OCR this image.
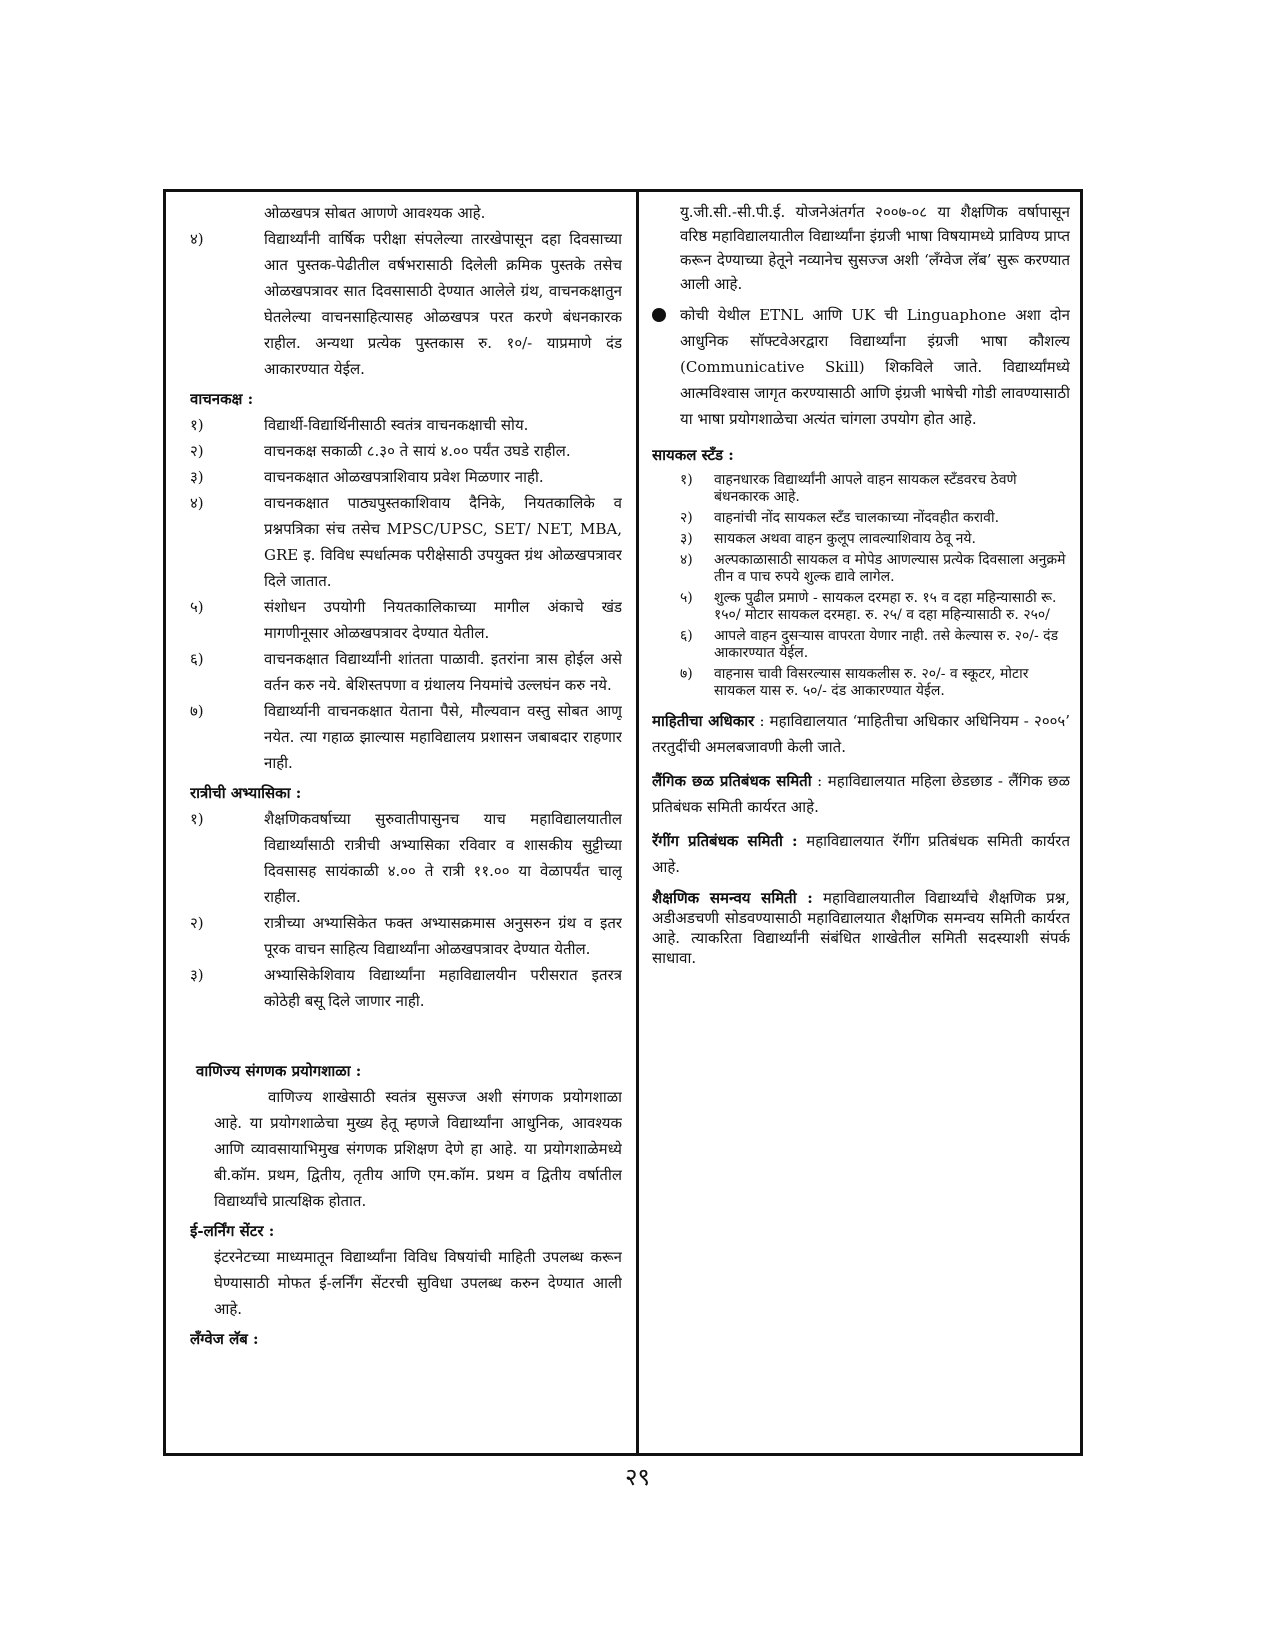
ओळखपत्र सोबत आणणे आवश्यक आहे.
४)	विद्यार्थ्यांनी वार्षिक परीक्षा संपलेल्या तारखेपासून दहा दिवसाच्या आत पुस्तक-पेढीतील वर्षभरासाठी दिलेली क्रमिक पुस्तके तसेच ओळखपत्रावर सात दिवसासाठी देण्यात आलेले ग्रंथ, वाचनकक्षातुन घेतलेल्या वाचनसाहित्यासह ओळखपत्र परत करणे बंधनकारक राहील. अन्यथा प्रत्येक पुस्तकास रु. १०/- याप्रमाणे दंड आकारण्यात येईल.
वाचनकक्ष :
१)	विद्यार्थी-विद्यार्थिनीसाठी स्वतंत्र वाचनकक्षाची सोय.
२)	वाचनकक्ष सकाळी ८.३० ते सायं ४.०० पर्यंत उघडे राहील.
३)	वाचनकक्षात ओळखपत्राशिवाय प्रवेश मिळणार नाही.
४)	वाचनकक्षात पाठ्यपुस्तकाशिवाय दैनिके, नियतकालिके व प्रश्नपत्रिका संच तसेच MPSC/UPSC, SET/ NET, MBA, GRE इ. विविध स्पर्धात्मक परीक्षेसाठी उपयुक्त ग्रंथ ओळखपत्रावर दिले जातात.
५)	संशोधन उपयोगी नियतकालिकाच्या मागील अंकाचे खंड मागणीनूसार ओळखपत्रावर देण्यात येतील.
६)	वाचनकक्षात विद्यार्थ्यांनी शांतता पाळावी. इतरांना त्रास होईल असे वर्तन करु नये. बेशिस्तपणा व ग्रंथालय नियमांचे उल्लघंन करु नये.
७)	विद्यार्थ्यानी वाचनकक्षात येताना पैसे, मौल्यवान वस्तु सोबत आणू नयेत. त्या गहाळ झाल्यास महाविद्यालय प्रशासन जबाबदार राहणार नाही.
रात्रीची अभ्यासिका :
१)	शैक्षणिकवर्षाच्या सुरुवातीपासुनच याच महाविद्यालयातील विद्यार्थ्यांसाठी रात्रीची अभ्यासिका रविवार व शासकीय सुट्टीच्या दिवसासह सायंकाळी ४.०० ते रात्री ११.०० या वेळापर्यंत चालू राहील.
२)	रात्रीच्या अभ्यासिकेत फक्त अभ्यासक्रमास अनुसरुन ग्रंथ व इतर पूरक वाचन साहित्य विद्यार्थ्यांना ओळखपत्रावर देण्यात येतील.
३)	अभ्यासिकेशिवाय विद्यार्थ्यांना महाविद्यालयीन परीसरात इतरत्र कोठेही बसू दिले जाणार नाही.
वाणिज्य संगणक प्रयोगशाळा :
वाणिज्य शाखेसाठी स्वतंत्र सुसज्ज अशी संगणक प्रयोगशाळा आहे. या प्रयोगशाळेचा मुख्य हेतू म्हणजे विद्यार्थ्यांना आधुनिक, आवश्यक आणि व्यावसायाभिमुख संगणक प्रशिक्षण देणे हा आहे. या प्रयोगशाळेमध्ये बी.कॉम. प्रथम, द्वितीय, तृतीय आणि एम.कॉम. प्रथम व द्वितीय वर्षातील विद्यार्थ्यांचे प्रात्यक्षिक होतात.
ई-लर्निंग सेंटर :
इंटरनेटच्या माध्यमातून विद्यार्थ्यांना विविध विषयांची माहिती उपलब्ध करून घेण्यासाठी मोफत ई-लर्निंग सेंटरची सुविधा उपलब्ध करुन देण्यात आली आहे.
लँग्वेज लॅब :
यु.जी.सी.-सी.पी.ई. योजनेअंतर्गत २००७-०८ या शैक्षणिक वर्षापासून वरिष्ठ महाविद्यालयातील विद्यार्थ्यांना इंग्रजी भाषा विषयामध्ये प्राविण्य प्राप्त करून देण्याच्या हेतूने नव्यानेच सुसज्ज अशी ‘लँग्वेज लॅब’ सुरू करण्यात आली आहे.
कोची येथील ETNL आणि UK ची Linguaphone अशा दोन आधुनिक सॉफ्टवेअरद्वारा विद्यार्थ्यांना इंग्रजी भाषा कौशल्य (Communicative Skill) शिकविले जाते. विद्यार्थ्यांमध्ये आत्मविश्वास जागृत करण्यासाठी आणि इंग्रजी भाषेची गोडी लावण्यासाठी या भाषा प्रयोगशाळेचा अत्यंत चांगला उपयोग होत आहे.
सायकल स्टँड :
१)	वाहनधारक विद्यार्थ्यांनी आपले वाहन सायकल स्टँडवरच ठेवणे बंधनकारक आहे.
२)	वाहनांची नोंद सायकल स्टँड चालकाच्या नोंदवहीत करावी.
३)	सायकल अथवा वाहन कुलूप लावल्याशिवाय ठेवू नये.
४)	अल्पकाळासाठी सायकल व मोपेड आणल्यास प्रत्येक दिवसाला अनुक्रमे तीन व पाच रुपये शुल्क द्यावे लागेल.
५)	शुल्क पुढील प्रमाणे - सायकल दरमहा रु. १५ व दहा महिन्यासाठी रू. १५०/ मोटार सायकल दरमहा. रु. २५/ व दहा महिन्यासाठी रु. २५०/
६)	आपले वाहन दुसऱ्यास वापरता येणार नाही. तसे केल्यास रु. २०/- दंड आकारण्यात येईल.
७)	वाहनास चावी विसरल्यास सायकलीस रु. २०/- व स्कूटर, मोटार सायकल यास रु. ५०/- दंड आकारण्यात येईल.
माहितीचा अधिकार : महाविद्यालयात ‘माहितीचा अधिकार अधिनियम - २००५’ तरतुदींची अमलबजावणी केली जाते.
लैंगिक छळ प्रतिबंधक समिती : महाविद्यालयात महिला छेडछाड - लैंगिक छळ प्रतिबंधक समिती कार्यरत आहे.
रॅगींग प्रतिबंधक समिती : महाविद्यालयात रॅगींग प्रतिबंधक समिती कार्यरत आहे.
शैक्षणिक समन्वय समिती : महाविद्यालयातील विद्यार्थ्यांचे शैक्षणिक प्रश्न, अडीअडचणी सोडवण्यासाठी महाविद्यालयात शैक्षणिक समन्वय समिती कार्यरत आहे. त्याकरिता विद्यार्थ्यांनी संबंधित शाखेतील समिती सदस्याशी संपर्क साधावा.
२९
